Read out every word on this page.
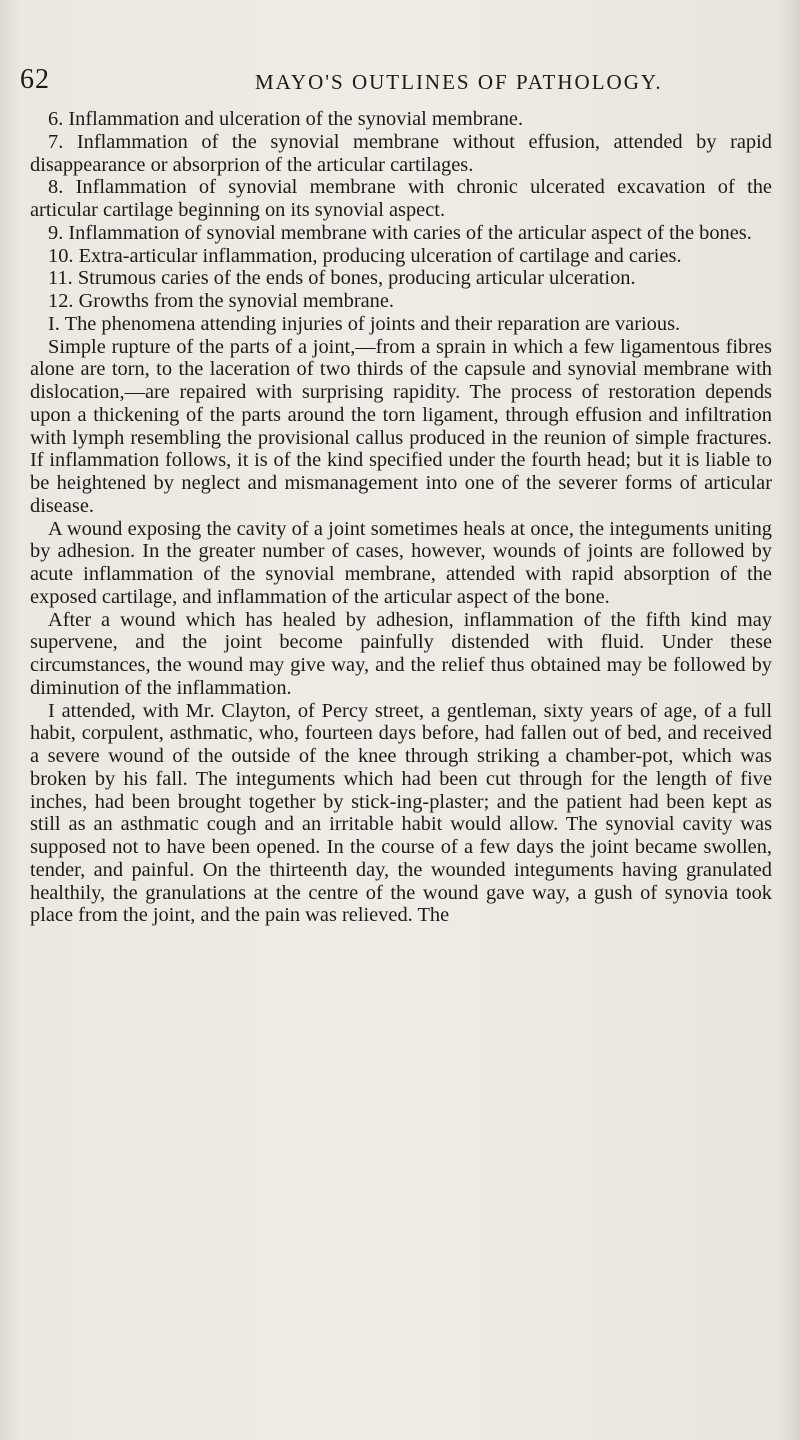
62	MAYO'S OUTLINES OF PATHOLOGY.

6. Inflammation and ulceration of the synovial membrane.

7. Inflammation of the synovial membrane without effusion, attended by rapid disappearance or absorprion of the articular cartilages.

8. Inflammation of synovial membrane with chronic ulcerated excavation of the articular cartilage beginning on its synovial aspect.

9. Inflammation of synovial membrane with caries of the articular aspect of the bones.

10. Extra-articular inflammation, producing ulceration of cartilage and caries.

11. Strumous caries of the ends of bones, producing articular ulceration.

12. Growths from the synovial membrane.

I. The phenomena attending injuries of joints and their reparation are various.

Simple rupture of the parts of a joint,—from a sprain in which a few ligamentous fibres alone are torn, to the laceration of two thirds of the capsule and synovial membrane with dislocation,—are repaired with surprising rapidity. The process of restoration depends upon a thickening of the parts around the torn ligament, through effusion and infiltration with lymph resembling the provisional callus produced in the reunion of simple fractures. If inflammation follows, it is of the kind specified under the fourth head; but it is liable to be heightened by neglect and mismanagement into one of the severer forms of articular disease.

A wound exposing the cavity of a joint sometimes heals at once, the integuments uniting by adhesion. In the greater number of cases, however, wounds of joints are followed by acute inflammation of the synovial membrane, attended with rapid absorption of the exposed cartilage, and inflammation of the articular aspect of the bone.

After a wound which has healed by adhesion, inflammation of the fifth kind may supervene, and the joint become painfully distended with fluid. Under these circumstances, the wound may give way, and the relief thus obtained may be followed by diminution of the inflammation.

I attended, with Mr. Clayton, of Percy street, a gentleman, sixty years of age, of a full habit, corpulent, asthmatic, who, fourteen days before, had fallen out of bed, and received a severe wound of the outside of the knee through striking a chamber-pot, which was broken by his fall. The integuments which had been cut through for the length of five inches, had been brought together by stick-ing-plaster; and the patient had been kept as still as an asthmatic cough and an irritable habit would allow. The synovial cavity was supposed not to have been opened. In the course of a few days the joint became swollen, tender, and painful. On the thirteenth day, the wounded integuments having granulated healthily, the granulations at the centre of the wound gave way, a gush of synovia took place from the joint, and the pain was relieved. The
